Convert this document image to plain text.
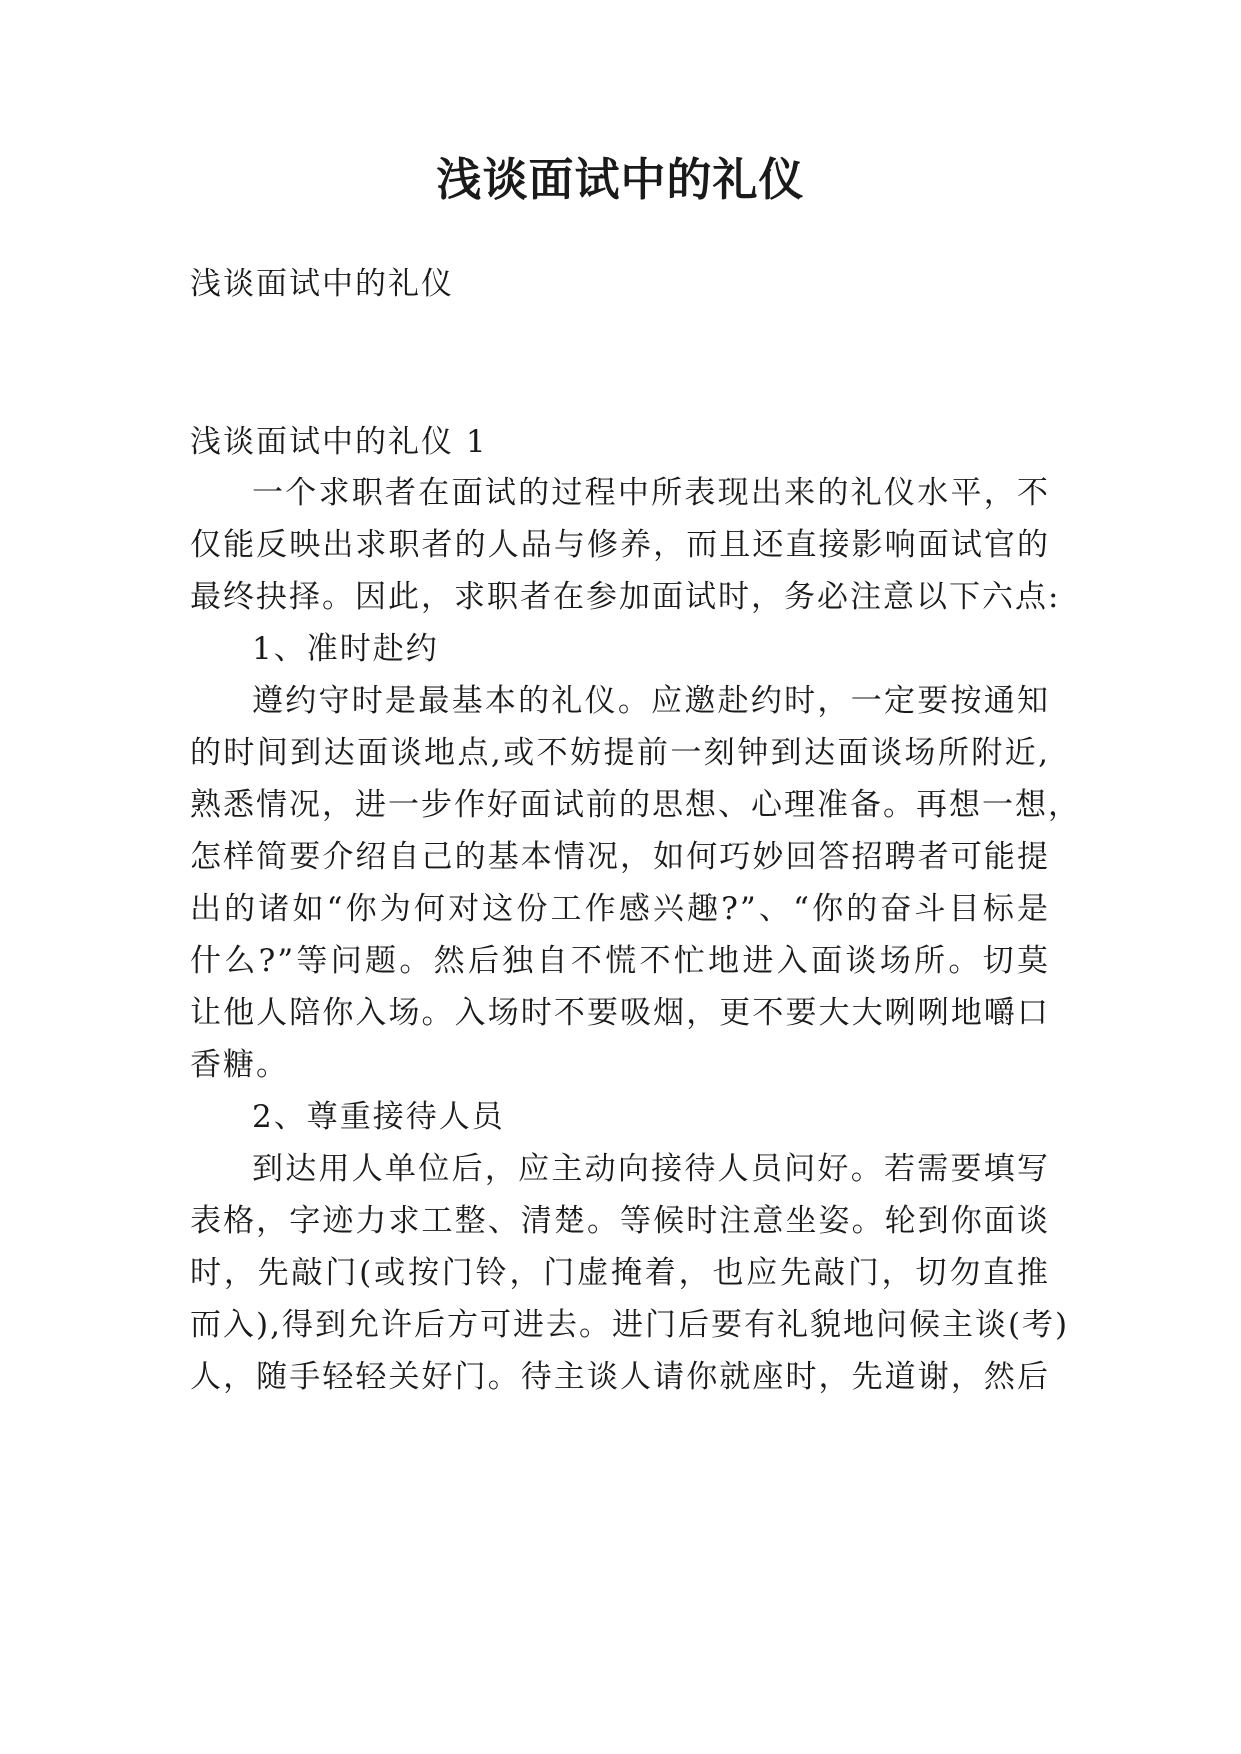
浅谈面试中的礼仪
浅谈面试中的礼仪
浅谈面试中的礼仪 1
一个求职者在面试的过程中所表现出来的礼仪水平，不
仅能反映出求职者的人品与修养，而且还直接影响面试官的
最终抉择。因此，求职者在参加面试时，务必注意以下六点:
1、准时赴约
遵约守时是最基本的礼仪。应邀赴约时，一定要按通知
的时间到达面谈地点,或不妨提前一刻钟到达面谈场所附近,
熟悉情况，进一步作好面试前的思想、心理准备。再想一想，
怎样简要介绍自己的基本情况，如何巧妙回答招聘者可能提
出的诸如“你为何对这份工作感兴趣?”、“你的奋斗目标是
什么?”等问题。然后独自不慌不忙地进入面谈场所。切莫
让他人陪你入场。入场时不要吸烟，更不要大大咧咧地嚼口
香糖。
2、尊重接待人员
到达用人单位后，应主动向接待人员问好。若需要填写
表格，字迹力求工整、清楚。等候时注意坐姿。轮到你面谈
时，先敲门(或按门铃，门虚掩着，也应先敲门，切勿直推
而入),得到允许后方可进去。进门后要有礼貌地问候主谈(考)
人，随手轻轻关好门。待主谈人请你就座时，先道谢，然后
